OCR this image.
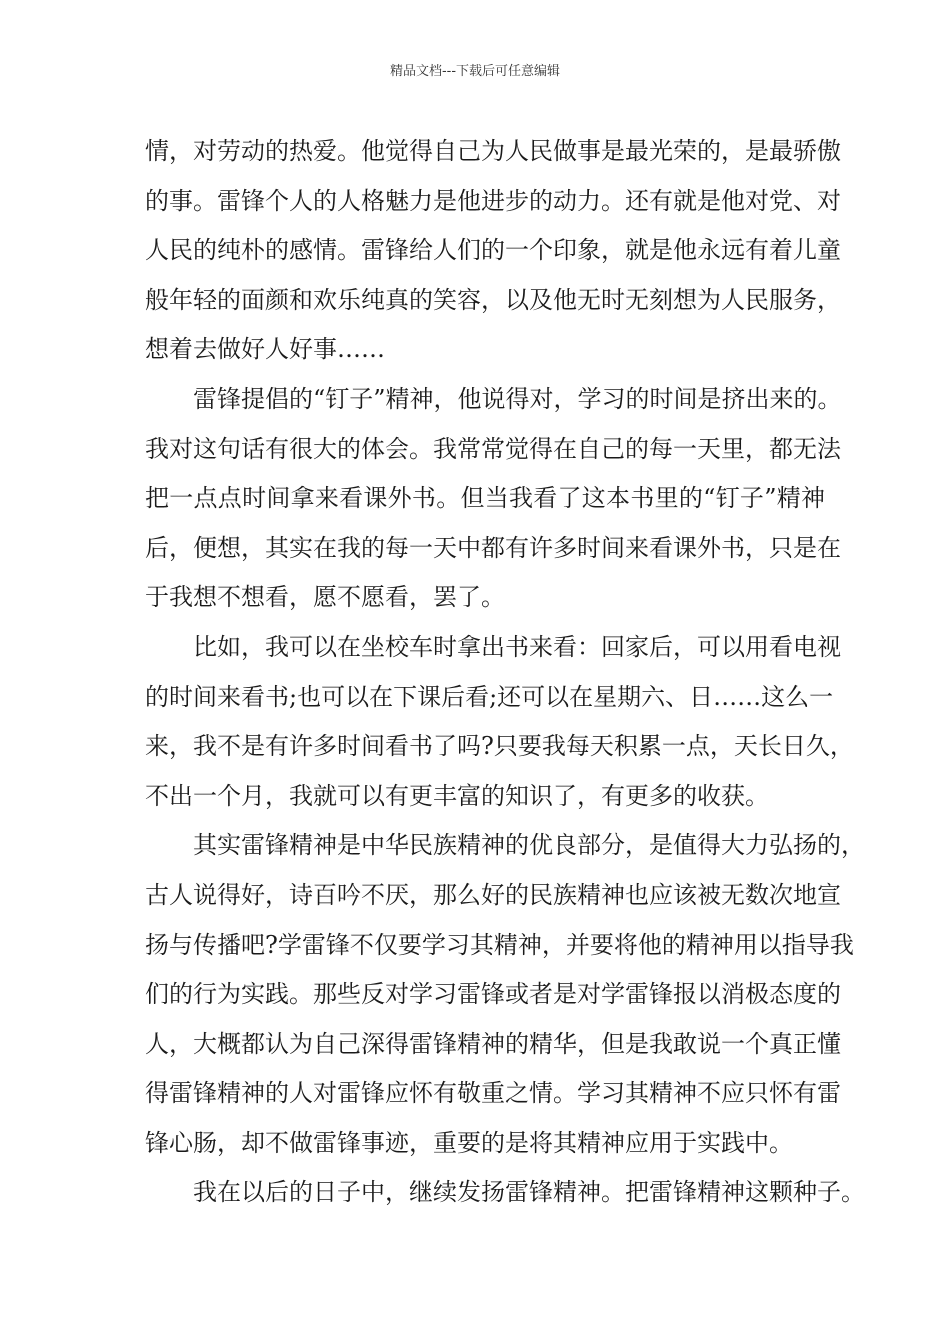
精品文档---下载后可任意编辑
情，对劳动的热爱。他觉得自己为人民做事是最光荣的，是最骄傲
的事。雷锋个人的人格魅力是他进步的动力。还有就是他对党、对
人民的纯朴的感情。雷锋给人们的一个印象，就是他永远有着儿童
般年轻的面颜和欢乐纯真的笑容，以及他无时无刻想为人民服务，
想着去做好人好事……
雷锋提倡的“钉子”精神，他说得对，学习的时间是挤出来的。
我对这句话有很大的体会。我常常觉得在自己的每一天里，都无法
把一点点时间拿来看课外书。但当我看了这本书里的“钉子”精神
后，便想，其实在我的每一天中都有许多时间来看课外书，只是在
于我想不想看，愿不愿看，罢了。
比如，我可以在坐校车时拿出书来看：回家后，可以用看电视
的时间来看书;也可以在下课后看;还可以在星期六、日……这么一
来，我不是有许多时间看书了吗?只要我每天积累一点，天长日久，
不出一个月，我就可以有更丰富的知识了，有更多的收获。
其实雷锋精神是中华民族精神的优良部分，是值得大力弘扬的，
古人说得好，诗百吟不厌，那么好的民族精神也应该被无数次地宣
扬与传播吧?学雷锋不仅要学习其精神，并要将他的精神用以指导我
们的行为实践。那些反对学习雷锋或者是对学雷锋报以消极态度的
人，大概都认为自己深得雷锋精神的精华，但是我敢说一个真正懂
得雷锋精神的人对雷锋应怀有敬重之情。学习其精神不应只怀有雷
锋心肠，却不做雷锋事迹，重要的是将其精神应用于实践中。
我在以后的日子中，继续发扬雷锋精神。把雷锋精神这颗种子。
